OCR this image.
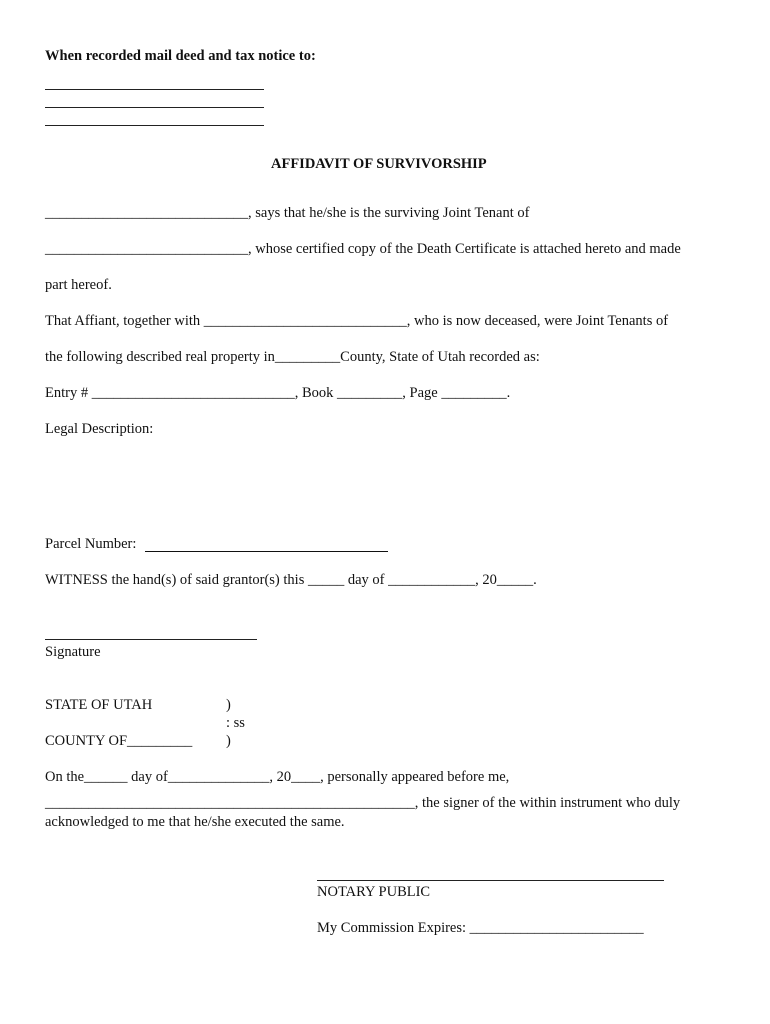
When recorded mail deed and tax notice to:
AFFIDAVIT OF SURVIVORSHIP
____________________________, says that he/she is the surviving Joint Tenant of
____________________________, whose certified copy of the Death Certificate is attached hereto and made
part hereof.
That Affiant, together with ____________________________, who is now deceased, were Joint Tenants of
the following described real property in_________County, State of Utah recorded as:
Entry # ____________________________, Book _________, Page _________.
Legal Description:
Parcel Number:
WITNESS the hand(s) of said grantor(s) this _____ day of ____________, 20_____.
Signature
STATE OF UTAH	)
: ss
COUNTY OF_________ )
On the______ day of______________, 20____, personally appeared before me,
___________________________________________________, the signer of the within instrument who duly
acknowledged to me that he/she executed the same.
NOTARY PUBLIC
My Commission Expires: ________________________
